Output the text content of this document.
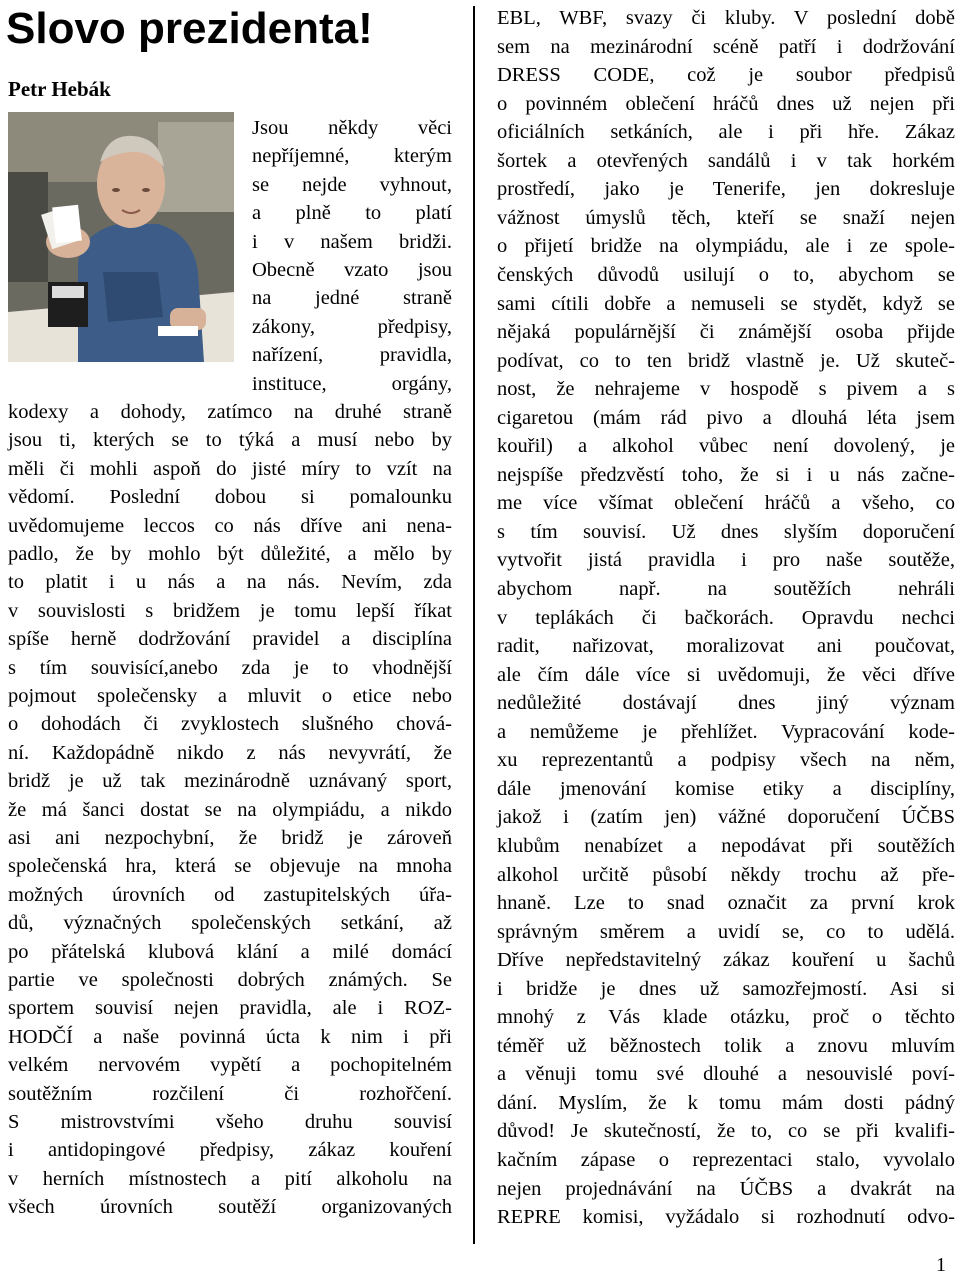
Slovo prezidenta!

Petr Hebák

Jsou někdy věci

nepříjemné, kterým

se nejde vyhnout,

a plně to platí

i v našem bridži.

Obecně vzato jsou

na jedné straně

zákony, předpisy,

nařízení, pravidla,

instituce, orgány,

kodexy a dohody, zatímco na druhé straně

jsou ti, kterých se to týká a musí nebo by

měli či mohli aspoň do jisté míry to vzít na

vědomí. Poslední dobou si pomalounku

uvědomujeme leccos co nás dříve ani nena-

padlo, že by mohlo být důležité, a mělo by

to platit i u nás a na nás. Nevím, zda

v souvislosti s bridžem je tomu lepší říkat

spíše herně dodržování pravidel a disciplína

s tím souvisící,anebo zda je to vhodnější

pojmout společensky a mluvit o etice nebo

o dohodách či zvyklostech slušného chová-

ní. Každopádně nikdo z nás nevyvrátí, že

bridž je už tak mezinárodně uznávaný sport,

že má šanci dostat se na olympiádu, a nikdo

asi ani nezpochybní, že bridž je zároveň

společenská hra, která se objevuje na mnoha

možných úrovních od zastupitelských úřa-

dů, význačných společenských setkání, až

po přátelská klubová klání a milé domácí

partie ve společnosti dobrých známých. Se

sportem souvisí nejen pravidla, ale i ROZ-

HODČÍ a naše povinná úcta k nim i při

velkém nervovém vypětí a pochopitelném

soutěžním rozčilení či rozhořčení.

S mistrovstvími všeho druhu souvisí

i antidopingové předpisy, zákaz kouření

v herních místnostech a pití alkoholu na

všech úrovních soutěží organizovaných

EBL, WBF, svazy či kluby. V poslední době

sem na mezinárodní scéně patří i dodržování

DRESS CODE, což je soubor předpisů

o povinném oblečení hráčů dnes už nejen při

oficiálních setkáních, ale i při hře. Zákaz

šortek a otevřených sandálů i v tak horkém

prostředí, jako je Tenerife, jen dokresluje

vážnost úmyslů těch, kteří se snaží nejen

o přijetí bridže na olympiádu, ale i ze spole-

čenských důvodů usilují o to, abychom se

sami cítili dobře a nemuseli se stydět, když se

nějaká populárnější či známější osoba přijde

podívat, co to ten bridž vlastně je. Už skuteč-

nost, že nehrajeme v hospodě s pivem a s

cigaretou (mám rád pivo a dlouhá léta jsem

kouřil) a alkohol vůbec není dovolený, je

nejspíše předzvěstí toho, že si i u nás začne-

me více všímat oblečení hráčů a všeho, co

s tím souvisí. Už dnes slyším doporučení

vytvořit jistá pravidla i pro naše soutěže,

abychom např. na soutěžích nehráli

v teplákách či bačkorách. Opravdu nechci

radit, nařizovat, moralizovat ani poučovat,

ale čím dále více si uvědomuji, že věci dříve

nedůležité dostávají dnes jiný význam

a nemůžeme je přehlížet. Vypracování kode-

xu reprezentantů a podpisy všech na něm,

dále jmenování komise etiky a disciplíny,

jakož i (zatím jen) vážné doporučení ÚČBS

klubům nenabízet a nepodávat při soutěžích

alkohol určitě působí někdy trochu až pře-

hnaně. Lze to snad označit za první krok

správným směrem a uvidí se, co to udělá.

Dříve nepředstavitelný zákaz kouření u šachů

i bridže je dnes už samozřejmostí. Asi si

mnohý z Vás klade otázku, proč o těchto

téměř už běžnostech tolik a znovu mluvím

a věnuji tomu své dlouhé a nesouvislé poví-

dání. Myslím, že k tomu mám dosti pádný

důvod! Je skutečností, že to, co se při kvalifi-

kačním zápase o reprezentaci stalo, vyvolalo

nejen projednávání na ÚČBS a dvakrát na

REPRE komisi, vyžádalo si rozhodnutí odvo-

1
